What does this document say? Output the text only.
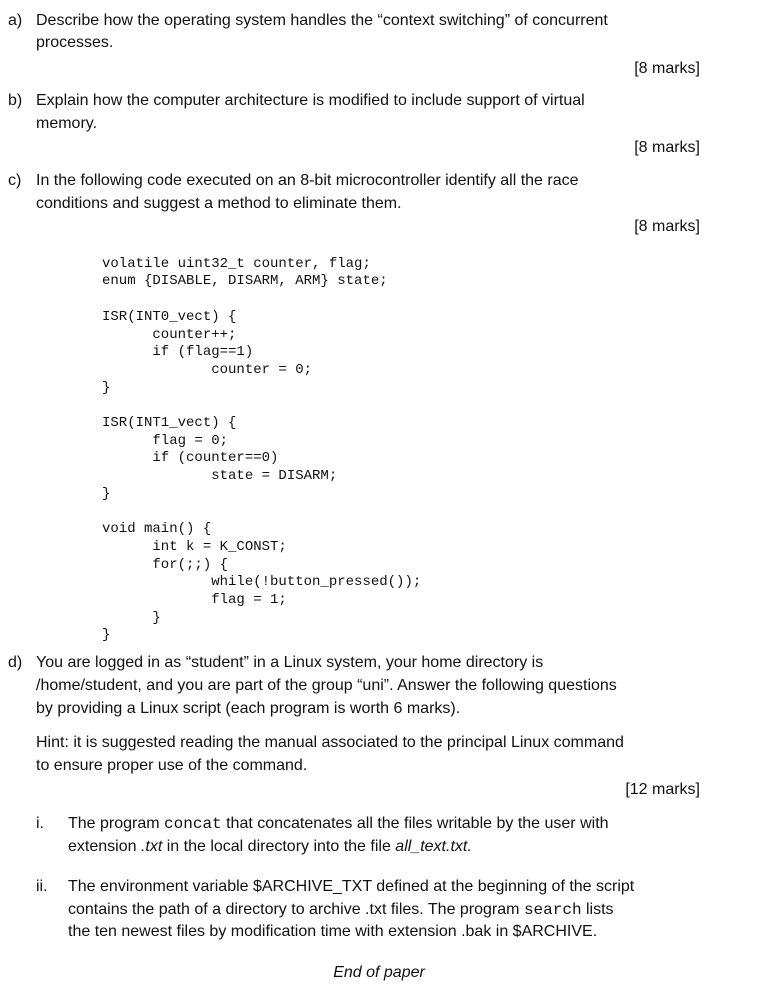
a) Describe how the operating system handles the “context switching” of concurrent
processes.
[8 marks]
b) Explain how the computer architecture is modified to include support of virtual
memory.
[8 marks]
c) In the following code executed on an 8-bit microcontroller identify all the race
conditions and suggest a method to eliminate them.
[8 marks]

volatile uint32_t counter, flag;
enum {DISABLE, DISARM, ARM} state;

ISR(INT0_vect) {
counter++;
if (flag==1)
counter = 0;
}

ISR(INT1_vect) {
flag = 0;
if (counter==0)
state = DISARM;
}

void main() {
int k = K_CONST;
for(;;) {
while(!button_pressed());
flag = 1;
}
}
d) You are logged in as “student” in a Linux system, your home directory is
/home/student, and you are part of the group “uni”. Answer the following questions
by providing a Linux script (each program is worth 6 marks).
Hint: it is suggested reading the manual associated to the principal Linux command
to ensure proper use of the command.
[12 marks]
i. The program concat that concatenates all the files writable by the user with
extension .txt in the local directory into the file all_text.txt.
ii. The environment variable $ARCHIVE_TXT defined at the beginning of the script
contains the path of a directory to archive .txt files. The program search lists
the ten newest files by modification time with extension .bak in $ARCHIVE.
End of paper
